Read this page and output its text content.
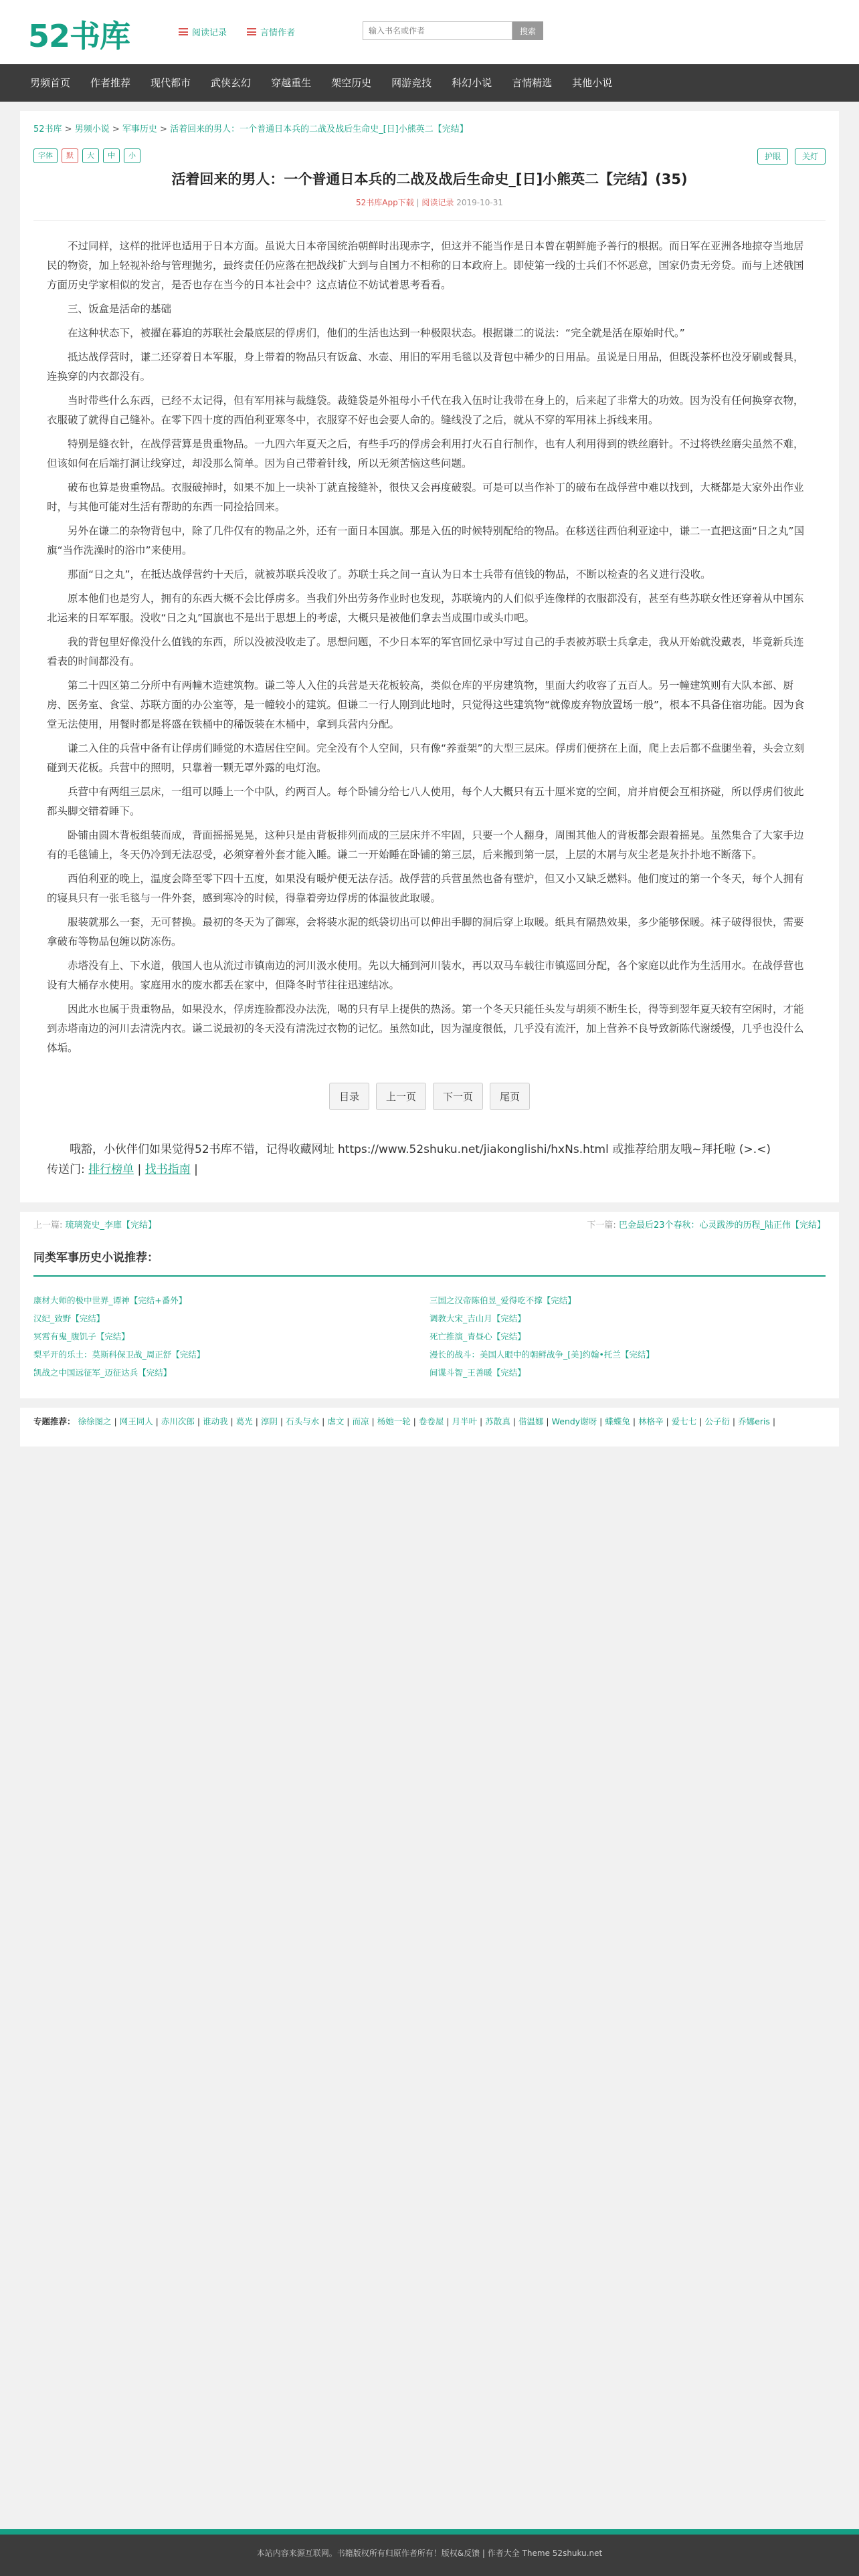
52书库	阅读记录	言情作者
输入书名或作者	搜索
男频首页	作者推荐	现代都市	武侠玄幻	穿越重生	架空历史	网游竞技	科幻小说	言情精选	其他小说
52书库 > 男频小说 > 军事历史 > 活着回来的男人：一个普通日本兵的二战及战后生命史_[日]小熊英二【完结】
字体	默	大	中	小	护眼	关灯
活着回来的男人：一个普通日本兵的二战及战后生命史_[日]小熊英二【完结】(35)
52书库App下载 | 阅读记录 2019-10-31

不过同样，这样的批评也适用于日本方面。虽说大日本帝国统治朝鲜时出现赤字，但这并不能当作是日本曾在朝鲜施予善行的根据。而日军在亚洲各地掠夺当地居民的物资，加上轻视补给与管理抛劣，最终责任仍应落在把战线扩大到与自国力不相称的日本政府上。即使第一线的士兵们不怀恶意，国家仍责无旁贷。而与上述俄国方面历史学家相似的发言，是否也存在当今的日本社会中？这点请位不妨试着思考看看。

三、饭盒是活命的基础

在这种状态下，被擢在暮迫的苏联社会最底层的俘虏们，他们的生活也达到一种极限状态。根据谦二的说法：“完全就是活在原始时代。”

抵达战俘营时，谦二还穿着日本军服，身上带着的物品只有饭盒、水壶、用旧的军用毛毯以及背包中稀少的日用品。虽说是日用品，但既没茶杯也没牙刷或餐具，连换穿的内衣都没有。

当时带些什么东西，已经不太记得，但有军用袜与裁缝袋。裁缝袋是外祖母小千代在我入伍时让我带在身上的，后来起了非常大的功效。因为没有任何换穿衣物，衣服破了就得自己缝补。在零下四十度的西伯利亚寒冬中，衣服穿不好也会要人命的。缝线没了之后，就从不穿的军用袜上拆线来用。

特别是缝衣针，在战俘营算是贵重物品。一九四六年夏天之后，有些手巧的俘虏会利用打火石自行制作，也有人利用得到的铁丝磨针。不过将铁丝磨尖虽然不难，但该如何在后端打洞让线穿过，却没那么简单。因为自己带着针线，所以无须苦恼这些问题。

破布也算是贵重物品。衣服破掉时，如果不加上一块补丁就直接缝补，很快又会再度破裂。可是可以当作补丁的破布在战俘营中难以找到，大概都是大家外出作业时，与其他可能对生活有帮助的东西一同捡拾回来。

另外在谦二的杂物背包中，除了几件仅有的物品之外，还有一面日本国旗。那是入伍的时候特别配给的物品。在移送往西伯利亚途中，谦二一直把这面“日之丸”国旗“当作洗澡时的浴巾”来使用。

那面“日之丸”，在抵达战俘营约十天后，就被苏联兵没收了。苏联士兵之间一直认为日本士兵带有值钱的物品，不断以检查的名义进行没收。

原本他们也是穷人，拥有的东西大概不会比俘虏多。当我们外出劳务作业时也发现，苏联境内的人们似乎连像样的衣服都没有，甚至有些苏联女性还穿着从中国东北运来的日军军服。没收“日之丸”国旗也不是出于思想上的考虑，大概只是被他们拿去当成围巾或头巾吧。

我的背包里好像没什么值钱的东西，所以没被没收走了。思想问题，不少日本军的军官回忆录中写过自己的手表被苏联士兵拿走，我从开始就没戴表，毕竟新兵连看表的时间都没有。

第二十四区第二分所中有两幢木造建筑物。谦二等人入住的兵营是天花板较高，类似仓库的平房建筑物，里面大约收容了五百人。另一幢建筑则有大队本部、厨房、医务室、食堂、苏联方面的办公室等，是一幢较小的建筑。但谦二一行人刚到此地时，只觉得这些建筑物“就像废弃物放置场一般”，根本不具备住宿功能。因为食堂无法使用，用餐时都是将盛在铁桶中的稀饭装在木桶中，拿到兵营内分配。

谦二入住的兵营中备有让俘虏们睡觉的木造居住空间。完全没有个人空间，只有像“养蚕架”的大型三层床。俘虏们便挤在上面，爬上去后都不盘腿坐着，头会立刻碰到天花板。兵营中的照明，只靠着一颗无罩外露的电灯泡。

兵营中有两组三层床，一组可以睡上一个中队，约两百人。每个卧铺分给七八人使用，每个人大概只有五十厘米宽的空间，肩并肩便会互相挤碰，所以俘虏们彼此都头脚交错着睡下。

卧铺由圆木背板组装而成，背面摇摇晃晃，这种只是由背板排列而成的三层床并不牢固，只要一个人翻身，周围其他人的背板都会跟着摇晃。虽然集合了大家手边有的毛毯铺上，冬天仍冷到无法忍受，必须穿着外套才能入睡。谦二一开始睡在卧铺的第三层，后来搬到第一层，上层的木屑与灰尘老是灰扑扑地不断落下。

西伯利亚的晚上，温度会降至零下四十五度，如果没有暖炉便无法存活。战俘营的兵营虽然也备有壁炉，但又小又缺乏燃料。他们度过的第一个冬天，每个人拥有的寝具只有一张毛毯与一件外套，感到寒冷的时候，得靠着旁边俘虏的体温彼此取暖。

服装就那么一套，无可替换。最初的冬天为了御寒，会将装水泥的纸袋切出可以伸出手脚的洞后穿上取暖。纸具有隔热效果，多少能够保暖。袜子破得很快，需要拿破布等物品包缠以防冻伤。

赤塔没有上、下水道，俄国人也从流过市镇南边的河川汲水使用。先以大桶到河川装水，再以双马车载往市镇巡回分配，各个家庭以此作为生活用水。在战俘营也设有大桶存水使用。家庭用水的废水都丢在家中，但降冬时节往往迅速结冰。

因此水也属于贵重物品，如果没水，俘虏连脸都没办法洗，喝的只有早上提供的热汤。第一个冬天只能任头发与胡须不断生长，得等到翌年夏天较有空闲时，才能到赤塔南边的河川去清洗内衣。谦二说最初的冬天没有清洗过衣物的记忆。虽然如此，因为湿度很低，几乎没有流汗，加上营养不良导致新陈代谢缓慢，几乎也没什么体垢。

目录	上一页	下一页	尾页

哦豁，小伙伴们如果觉得52书库不错，记得收藏网址 https://www.52shuku.net/jiakonglishi/hxNs.html 或推荐给朋友哦~拜托啦 (>.<)

传送门: 排行榜单 | 找书指南 |
上一篇: 琉璃瓷史_李庫【完结】	下一篇: 巴金最后23个春秋：心灵跋涉的历程_陆正伟【完结】
同类军事历史小说推荐：
康材大师的极中世界_谭神【完结+番外】	三国之汉帝陈伯昱_爱得吃不撑【完结】
汉纪_致野【完结】	调教大宋_吉山月【完结】
冥霄有鬼_腹饥子【完结】	死亡推演_青昼心【完结】
梨平开的乐土：莫斯科保卫战_周正舒【完结】	漫长的战斗：美国人眼中的朝鲜战争_[美]约翰•托兰【完结】
凯战之中国远征军_迈征达兵【完结】	间谍斗智_王善暖【完结】
专题推荐： 徐徐图之 | 网王同人 | 赤川次郎 | 谁动我 | 葛光 | 淳阴 | 石头与水 | 虐文 | 而凉 | 杨她一轮 | 卷卷屋 | 月半叶 | 苏散真 | 借温娜 | Wendy谢呀 | 蝶蝶兔 | 林格辛 | 爱七七 | 公子衍 | 乔娜eris |
本站内容来源互联网。书籍版权所有归原作者所有！版权&反馈 | 作者大全 Theme 52shuku.net
